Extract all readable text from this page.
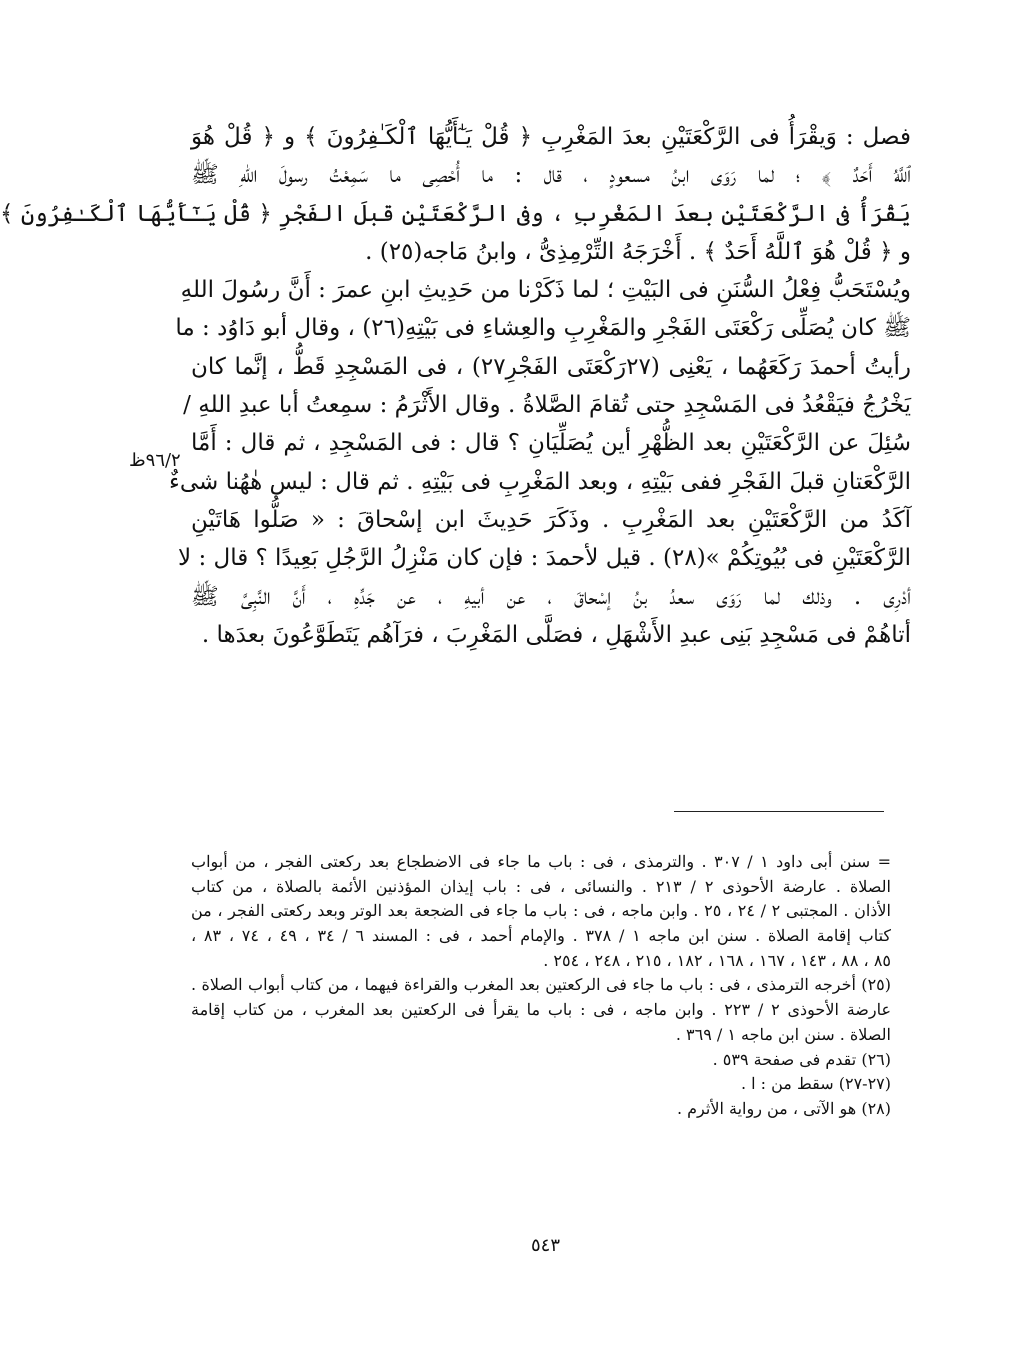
فصل : وَيقْرَأُ فى الرَّكْعَتَيْنِ بعدَ المَغْرِبِ ﴿ قُلْ يَـٰٓأَيُّهَا ٱلْكَـٰفِرُونَ ﴾ و ﴿ قُلْ هُوَ
ٱللَّهُ أَحَدٌ ﴾ ؛ لما رَوَى ابنُ مسعودٍ ، قال : ما أُحْصِى ما سَمِعْتُ رسولَ اللهِ ﷺ
يَقْرَأُ فى الرَّكْعَتَيْنِ بعدَ المَغْرِبِ ، وفى الرَّكْعَتَيْنِ قبلَ الفَجْرِ ﴿ قُلْ يَـٰٓأَيُّهَا ٱلْكَـٰفِرُونَ ﴾
و ﴿ قُلْ هُوَ ٱللَّهُ أَحَدٌ ﴾ . أَخْرَجَهُ التِّرْمِذِىُّ ، وابنُ مَاجه(٢٥) .
ويُسْتَحَبُّ فِعْلُ السُّنَنِ فى البَيْتِ ؛ لما ذَكَرْنا من حَدِيثِ ابنِ عمرَ : أَنَّ رسُولَ اللهِ
ﷺ كان يُصَلِّى رَكْعَتَى الفَجْرِ والمَغْرِبِ والعِشاءِ فى بَيْتِهِ(٢٦) ، وقال أبو دَاوُد : ما
رأيتُ أحمدَ رَكَعَهُما ، يَعْنِى (٢٧رَكْعَتَى الفَجْرِ٢٧) ، فى المَسْجِدِ قَطُّ ، إنَّما كان
يَخْرُجُ فيَقْعُدُ فى المَسْجِدِ حتى تُقامَ الصَّلاةُ . وقال الأَثْرَمُ : سمِعتُ أبا عبدِ اللهِ /
سُئِلَ عن الرَّكْعَتَيْنِ بعد الظُّهْرِ أين يُصَلِّيَانِ ؟ قال : فى المَسْجِدِ ، ثم قال : أَمَّا
الرَّكْعَتانِ قبلَ الفَجْرِ ففى بَيْتِهِ ، وبعد المَغْرِبِ فى بَيْتِهِ . ثم قال : ليس هٰهُنا شىءٌ
آكَدُ من الرَّكْعَتَيْنِ بعد المَغْرِبِ . وذَكَرَ حَدِيثَ ابن إسْحاقَ : « صَلُّوا هَاتَيْنِ
الرَّكْعَتَيْنِ فى بُيُوتِكُمْ »(٢٨) . قيل لأحمدَ : فإن كان مَنْزِلُ الرَّجُلِ بَعِيدًا ؟ قال : لا
أدْرِى . وذلك لما رَوَى سعدُ بنُ إسْحاقَ ، عن أبيهِ ، عن جَدِّهِ ، أَنَّ النَّبِىَّ ﷺ
أتاهُمْ فى مَسْجِدِ بَنِى عبدِ الأَشْهَلِ ، فصَلَّى المَغْرِبَ ، فرَآهُم يَتَطَوَّعُونَ بعدَها .
٩٦/٢ظ
= سنن أبى داود ١ / ٣٠٧ . والترمذى ، فى : باب ما جاء فى الاضطجاع بعد ركعتى الفجر ، من أبواب
الصلاة . عارضة الأحوذى ٢ / ٢١٣ . والنسائى ، فى : باب إيذان المؤذنين الأئمة بالصلاة ، من كتاب
الأذان . المجتبى ٢ / ٢٤ ، ٢٥ . وابن ماجه ، فى : باب ما جاء فى الضجعة بعد الوتر وبعد ركعتى الفجر ، من
كتاب إقامة الصلاة . سنن ابن ماجه ١ / ٣٧٨ . والإمام أحمد ، فى : المسند ٦ / ٣٤ ، ٤٩ ، ٧٤ ، ٨٣ ،
٨٥ ، ٨٨ ، ١٤٣ ، ١٦٧ ، ١٦٨ ، ١٨٢ ، ٢١٥ ، ٢٤٨ ، ٢٥٤ .
(٢٥) أخرجه الترمذى ، فى : باب ما جاء فى الركعتين بعد المغرب والقراءة فيهما ، من كتاب أبواب الصلاة .
عارضة الأحوذى ٢ / ٢٢٣ . وابن ماجه ، فى : باب ما يقرأ فى الركعتين بعد المغرب ، من كتاب إقامة
الصلاة . سنن ابن ماجه ١ / ٣٦٩ .
(٢٦) تقدم فى صفحة ٥٣٩ .
(٢٧-٢٧) سقط من : ا .
(٢٨) هو الآتى ، من رواية الأثرم .
٥٤٣
